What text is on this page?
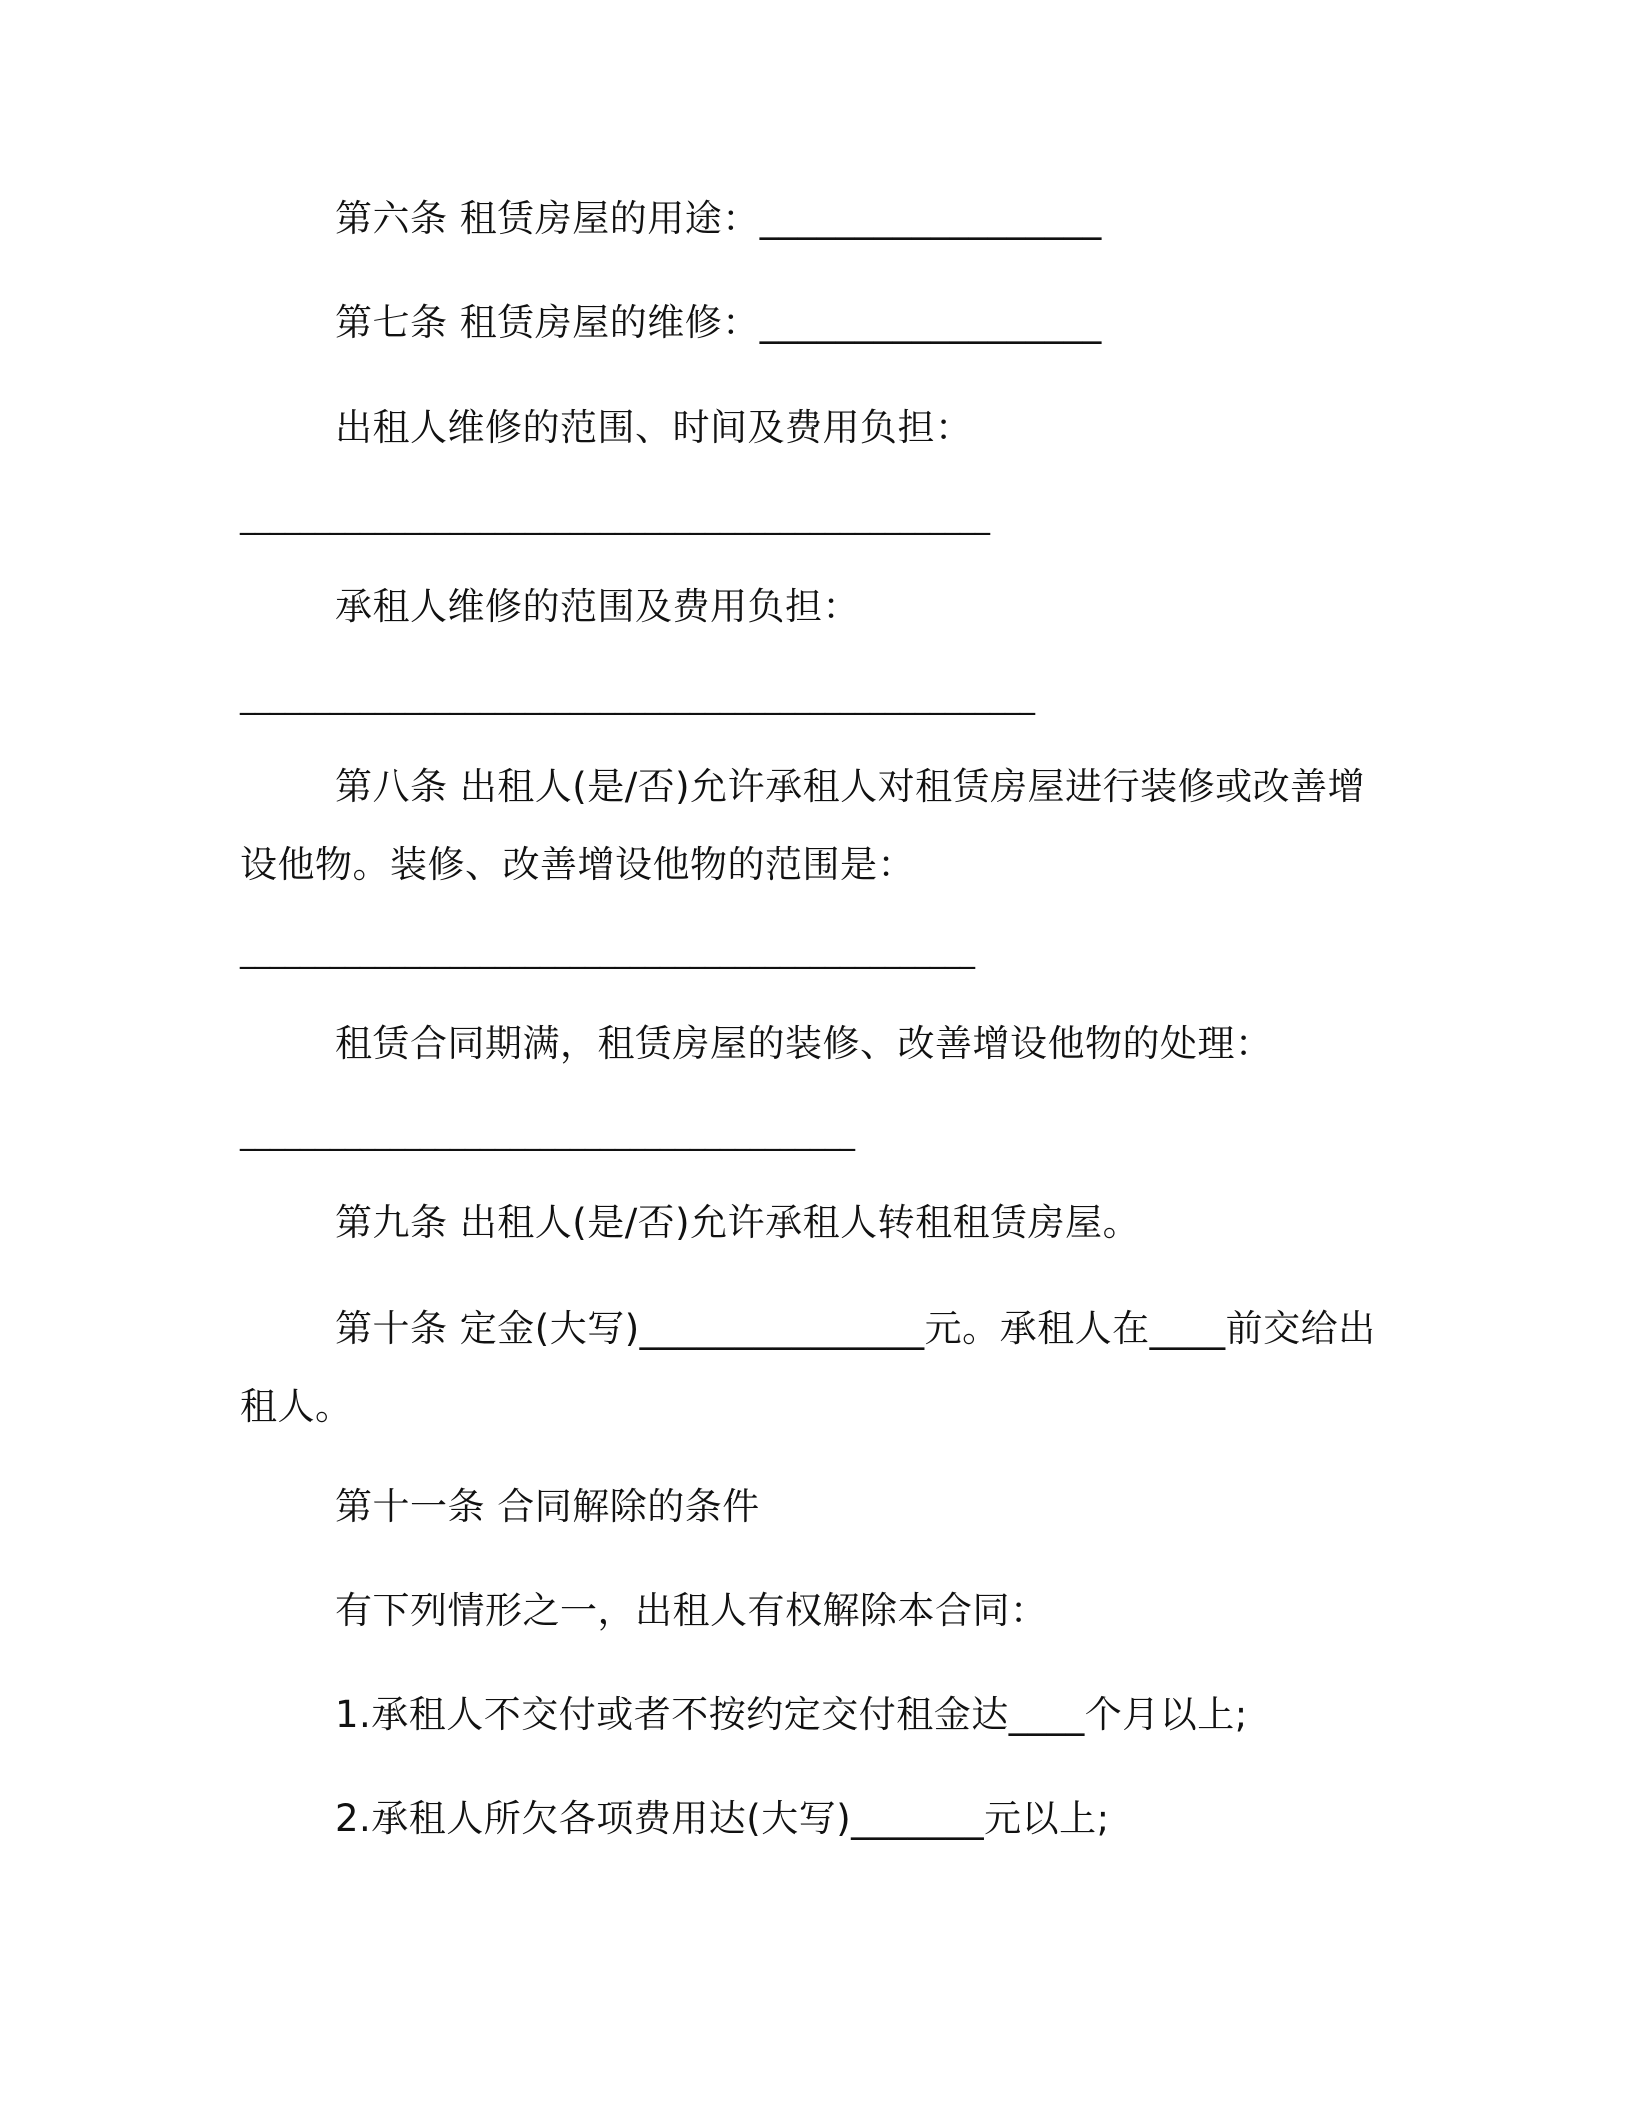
第六条 租赁房屋的用途：__________________

第七条 租赁房屋的维修：__________________

出租人维修的范围、时间及费用负担：

__________________________________________________

承租人维修的范围及费用负担：

_____________________________________________________

第八条 出租人(是/否)允许承租人对租赁房屋进行装修或改善增

设他物。装修、改善增设他物的范围是：

_________________________________________________

租赁合同期满，租赁房屋的装修、改善增设他物的处理：

_________________________________________

第九条 出租人(是/否)允许承租人转租租赁房屋。

第十条 定金(大写)_______________元。承租人在____前交给出

租人。

第十一条 合同解除的条件

有下列情形之一，出租人有权解除本合同：

1.承租人不交付或者不按约定交付租金达____个月以上;

2.承租人所欠各项费用达(大写)_______元以上;
